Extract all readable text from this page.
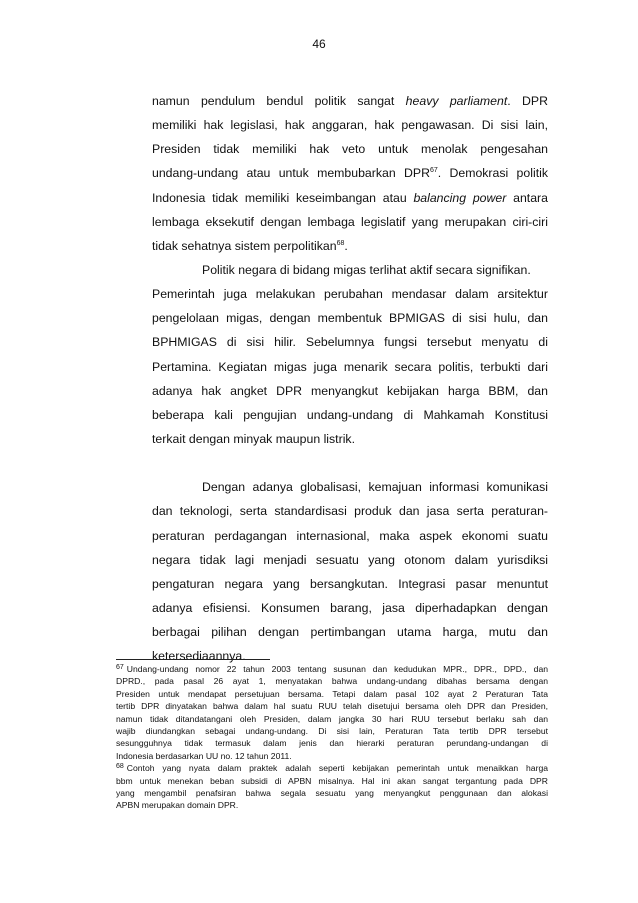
46
namun pendulum bendul politik sangat heavy parliament. DPR
memiliki hak legislasi, hak anggaran, hak pengawasan. Di sisi lain,
Presiden tidak memiliki hak veto untuk menolak pengesahan
undang-undang atau untuk membubarkan DPR$^{67}$. Demokrasi politik
Indonesia tidak memiliki keseimbangan atau balancing power antara
lembaga eksekutif dengan lembaga legislatif yang merupakan ciri-ciri
tidak sehatnya sistem perpolitikan$^{68}$.
Politik negara di bidang migas terlihat aktif secara signifikan.
Pemerintah juga melakukan perubahan mendasar dalam arsitektur
pengelolaan migas, dengan membentuk BPMIGAS di sisi hulu, dan
BPHMIGAS di sisi hilir. Sebelumnya fungsi tersebut menyatu di
Pertamina. Kegiatan migas juga menarik secara politis, terbukti dari
adanya hak angket DPR menyangkut kebijakan harga BBM, dan
beberapa kali pengujian undang-undang di Mahkamah Konstitusi
terkait dengan minyak maupun listrik.
Dengan adanya globalisasi, kemajuan informasi komunikasi
dan teknologi, serta standardisasi produk dan jasa serta peraturan-
peraturan perdagangan internasional, maka aspek ekonomi suatu
negara tidak lagi menjadi sesuatu yang otonom dalam yurisdiksi
pengaturan negara yang bersangkutan. Integrasi pasar menuntut
adanya efisiensi. Konsumen barang, jasa diperhadapkan dengan
berbagai pilihan dengan pertimbangan utama harga, mutu dan
ketersediaannya.
$^{67}$ Undang-undang nomor 22 tahun 2003 tentang susunan dan kedudukan MPR., DPR., DPD., dan
DPRD., pada pasal 26 ayat 1, menyatakan bahwa undang-undang dibahas bersama dengan
Presiden untuk mendapat persetujuan bersama. Tetapi dalam pasal 102 ayat 2 Peraturan Tata
tertib DPR dinyatakan bahwa dalam hal suatu RUU telah disetujui bersama oleh DPR dan Presiden,
namun tidak ditandatangani oleh Presiden, dalam jangka 30 hari RUU tersebut berlaku sah dan
wajib diundangkan sebagai undang-undang. Di sisi lain, Peraturan Tata tertib DPR tersebut
sesungguhnya tidak termasuk dalam jenis dan hierarki peraturan perundang-undangan di
Indonesia berdasarkan UU no. 12 tahun 2011.
$^{68}$ Contoh yang nyata dalam praktek adalah seperti kebijakan pemerintah untuk menaikkan harga
bbm untuk menekan beban subsidi di APBN misalnya. Hal ini akan sangat tergantung pada DPR
yang mengambil penafsiran bahwa segala sesuatu yang menyangkut penggunaan dan alokasi
APBN merupakan domain DPR.
